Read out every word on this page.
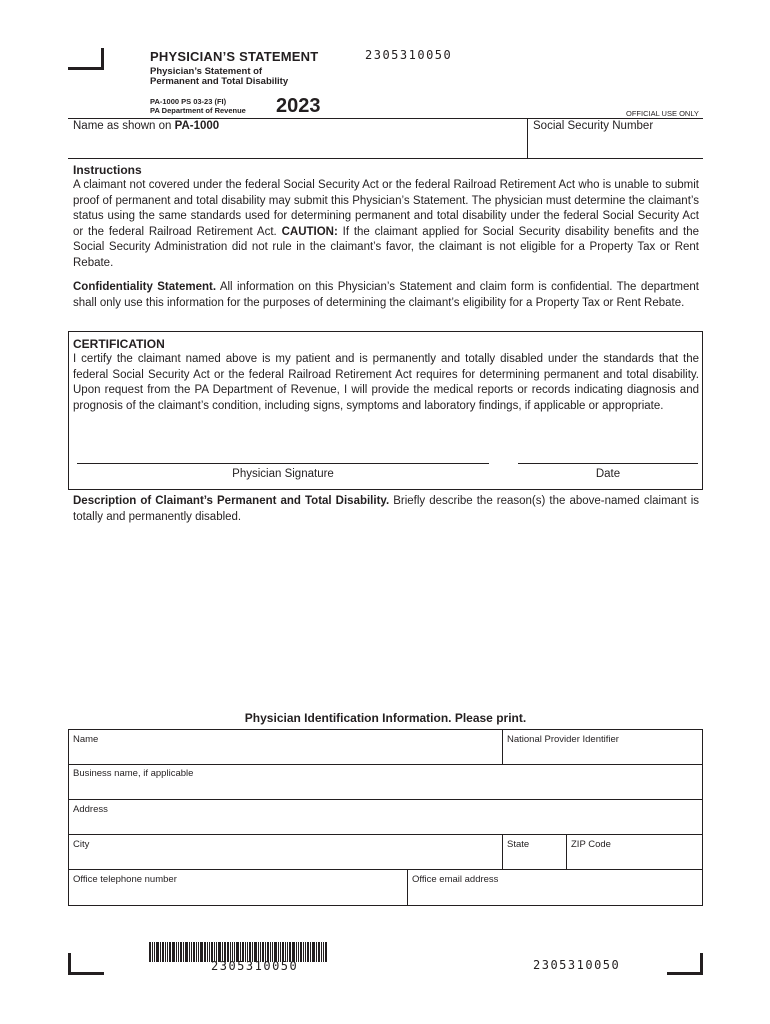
PHYSICIAN’S STATEMENT	2305310050
Physician’s Statement of
Permanent and Total Disability
PA-1000 PS 03-23 (FI)
PA Department of Revenue 2023	OFFICIAL USE ONLY
Name as shown on PA-1000	Social Security Number
Instructions
A claimant not covered under the federal Social Security Act or the federal Railroad Retirement Act who is unable to submit proof of permanent and total disability may submit this Physician’s Statement. The physician must determine the claimant’s status using the same standards used for determining permanent and total disability under the federal Social Security Act or the federal Railroad Retirement Act. CAUTION: If the claimant applied for Social Security disability benefits and the Social Security Administration did not rule in the claimant’s favor, the claimant is not eligible for a Property Tax or Rent Rebate.
Confidentiality Statement. All information on this Physician’s Statement and claim form is confidential. The department shall only use this information for the purposes of determining the claimant’s eligibility for a Property Tax or Rent Rebate.
CERTIFICATION
I certify the claimant named above is my patient and is permanently and totally disabled under the standards that the federal Social Security Act or the federal Railroad Retirement Act requires for determining permanent and total disability. Upon request from the PA Department of Revenue, I will provide the medical reports or records indicating diagnosis and prognosis of the claimant’s condition, including signs, symptoms and laboratory findings, if applicable or appropriate.
Physician Signature	Date
Description of Claimant’s Permanent and Total Disability. Briefly describe the reason(s) the above-named claimant is totally and permanently disabled.
Physician Identification Information. Please print.
Name	National Provider Identifier
Business name, if applicable
Address
City	State	ZIP Code
Office telephone number	Office email address
2305310050	2305310050
